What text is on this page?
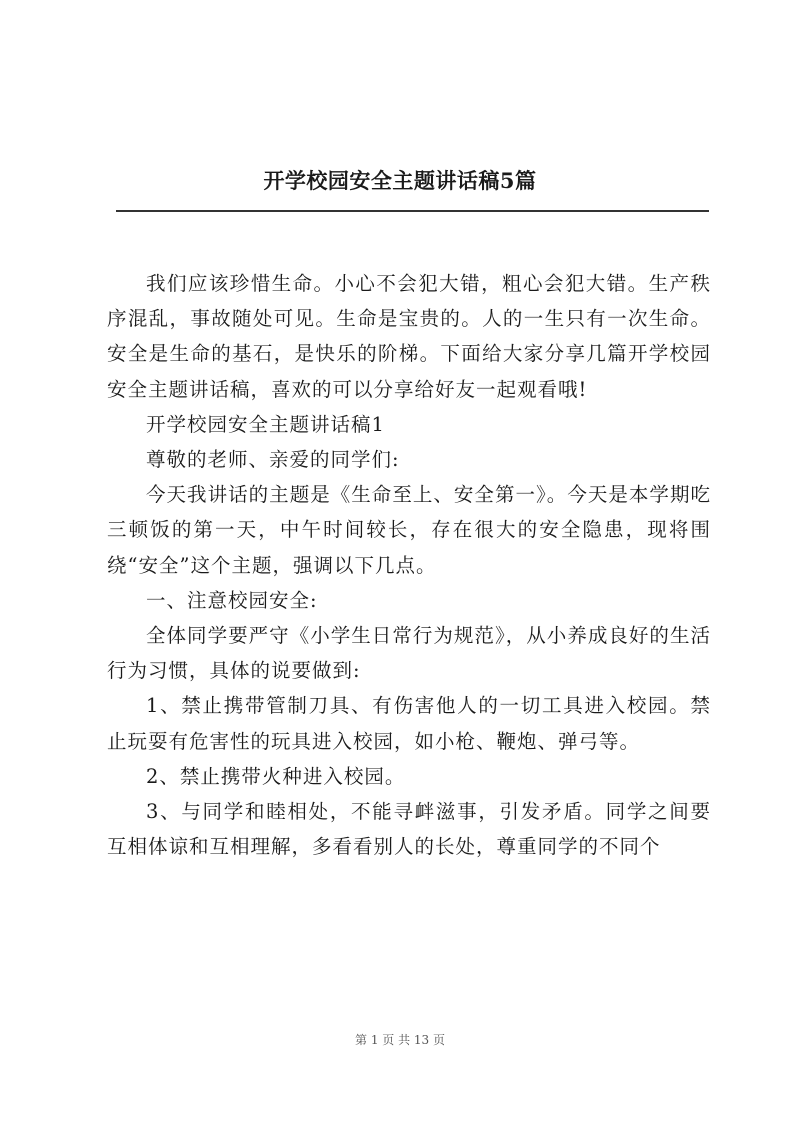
开学校园安全主题讲话稿5篇

我们应该珍惜生命。小心不会犯大错，粗心会犯大错。生产秩序混乱，事故随处可见。生命是宝贵的。人的一生只有一次生命。安全是生命的基石，是快乐的阶梯。下面给大家分享几篇开学校园安全主题讲话稿，喜欢的可以分享给好友一起观看哦!

开学校园安全主题讲话稿1

尊敬的老师、亲爱的同学们:

今天我讲话的主题是《生命至上、安全第一》。今天是本学期吃三顿饭的第一天，中午时间较长，存在很大的安全隐患，现将围绕“安全”这个主题，强调以下几点。

一、注意校园安全:

全体同学要严守《小学生日常行为规范》，从小养成良好的生活行为习惯，具体的说要做到:

1、禁止携带管制刀具、有伤害他人的一切工具进入校园。禁止玩耍有危害性的玩具进入校园，如小枪、鞭炮、弹弓等。

2、禁止携带火种进入校园。

3、与同学和睦相处，不能寻衅滋事，引发矛盾。同学之间要互相体谅和互相理解，多看看别人的长处，尊重同学的不同个

第 1 页 共 13 页
